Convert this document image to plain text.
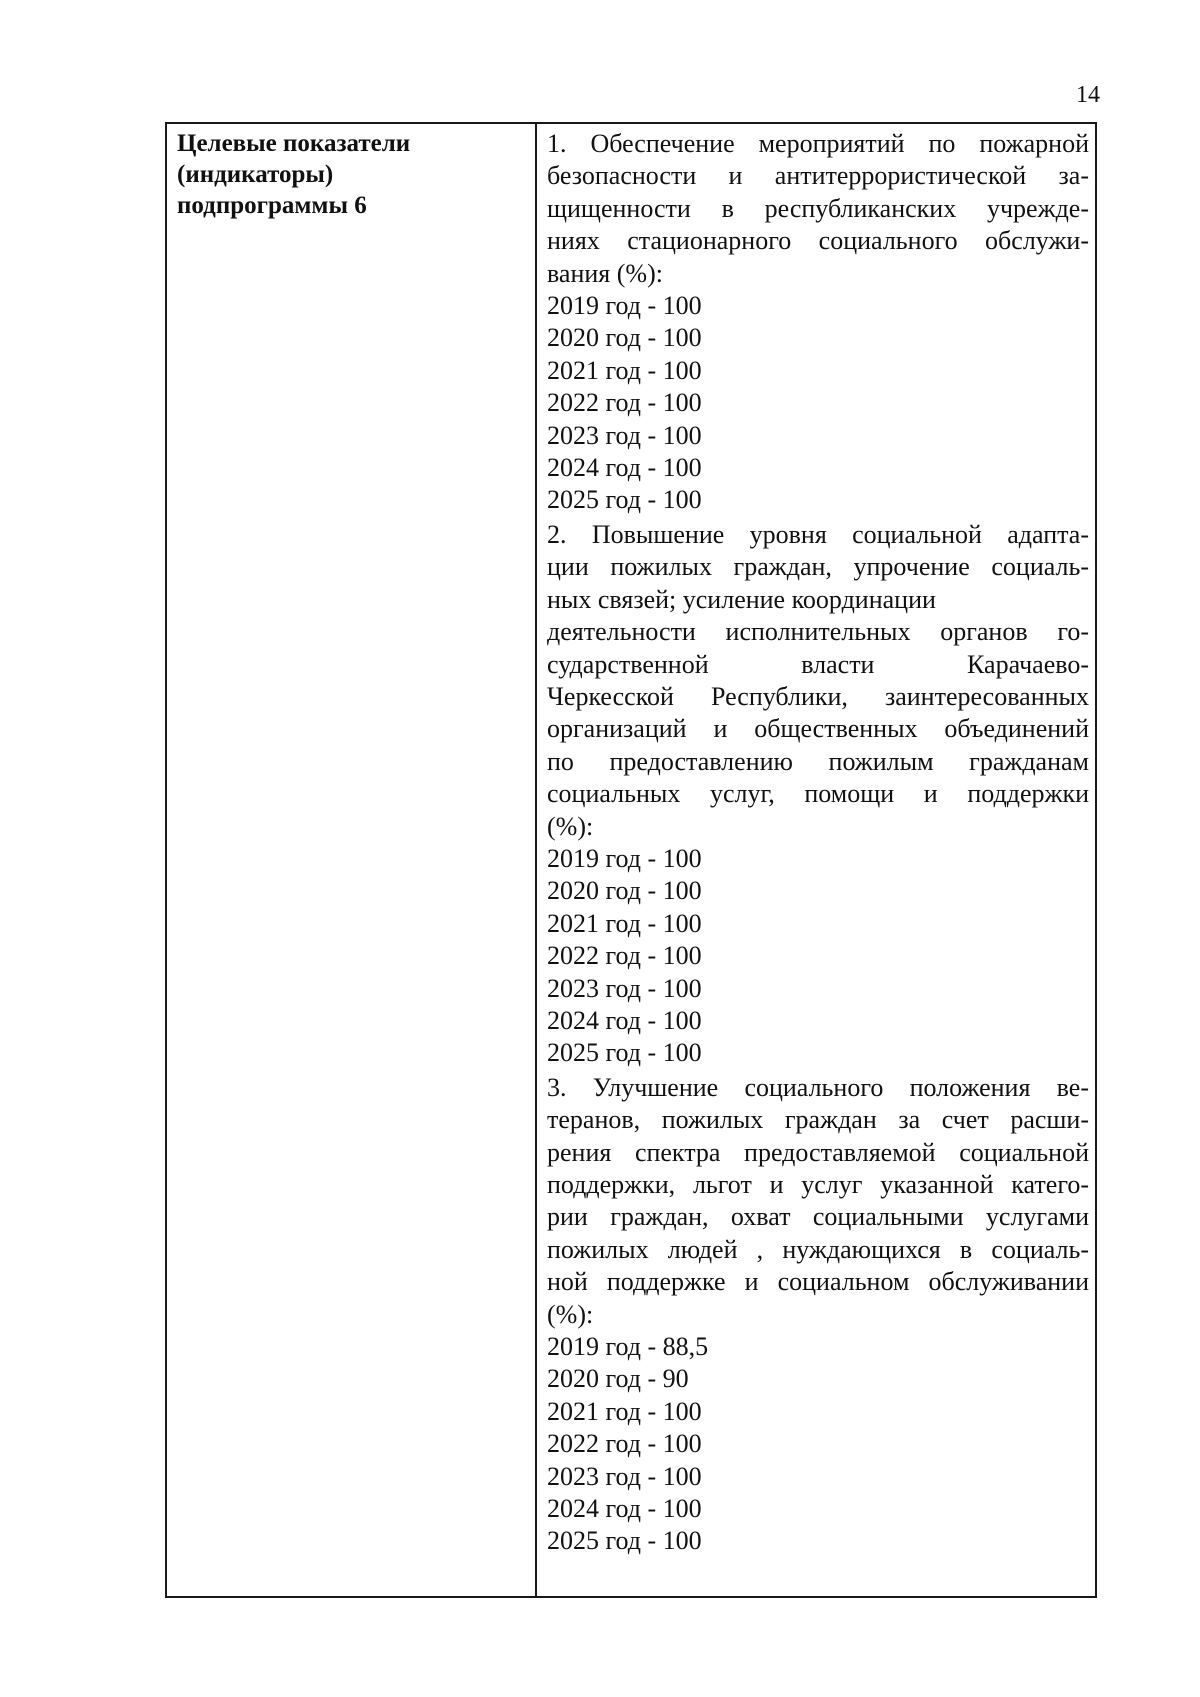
14
Целевые показатели
(индикаторы)
подпрограммы 6
1. Обеспечение мероприятий по пожарной
безопасности и антитеррористической за-
щищенности в республиканских учрежде-
ниях стационарного социального обслужи-
вания (%):
2019 год - 100
2020 год - 100
2021 год - 100
2022 год - 100
2023 год - 100
2024 год - 100
2025 год - 100
2. Повышение уровня социальной адапта-
ции пожилых граждан, упрочение социаль-
ных связей; усиление координации
деятельности исполнительных органов го-
сударственной власти Карачаево-
Черкесской Республики, заинтересованных
организаций и общественных объединений
по предоставлению пожилым гражданам
социальных услуг, помощи и поддержки
(%):
2019 год - 100
2020 год - 100
2021 год - 100
2022 год - 100
2023 год - 100
2024 год - 100
2025 год - 100
3. Улучшение социального положения ве-
теранов, пожилых граждан за счет расши-
рения спектра предоставляемой социальной
поддержки, льгот и услуг указанной катего-
рии граждан, охват социальными услугами
пожилых людей , нуждающихся в социаль-
ной поддержке и социальном обслуживании
(%):
2019 год - 88,5
2020 год - 90
2021 год - 100
2022 год - 100
2023 год - 100
2024 год - 100
2025 год - 100
